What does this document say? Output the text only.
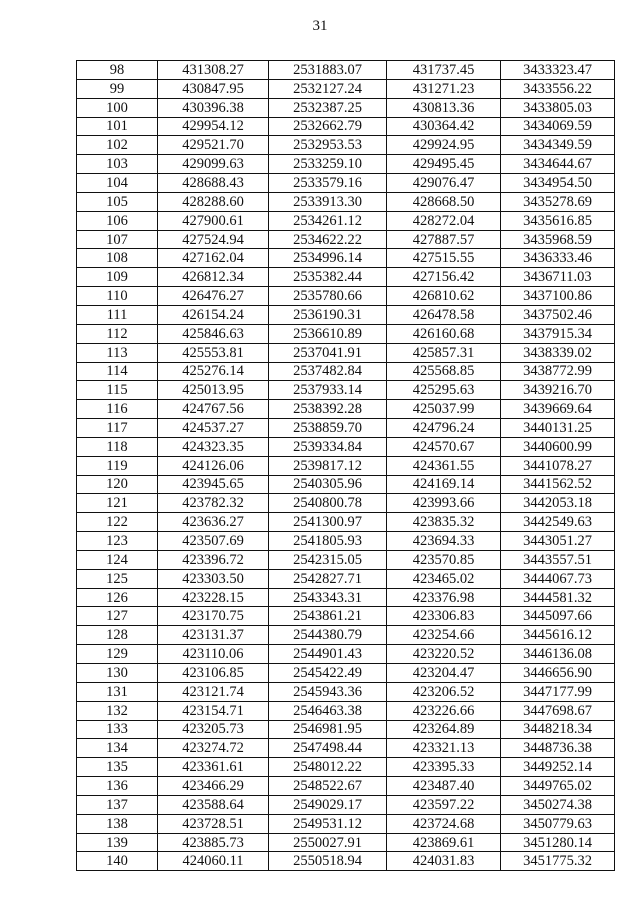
31
98	431308.27	2531883.07	431737.45	3433323.47
99	430847.95	2532127.24	431271.23	3433556.22
100	430396.38	2532387.25	430813.36	3433805.03
101	429954.12	2532662.79	430364.42	3434069.59
102	429521.70	2532953.53	429924.95	3434349.59
103	429099.63	2533259.10	429495.45	3434644.67
104	428688.43	2533579.16	429076.47	3434954.50
105	428288.60	2533913.30	428668.50	3435278.69
106	427900.61	2534261.12	428272.04	3435616.85
107	427524.94	2534622.22	427887.57	3435968.59
108	427162.04	2534996.14	427515.55	3436333.46
109	426812.34	2535382.44	427156.42	3436711.03
110	426476.27	2535780.66	426810.62	3437100.86
111	426154.24	2536190.31	426478.58	3437502.46
112	425846.63	2536610.89	426160.68	3437915.34
113	425553.81	2537041.91	425857.31	3438339.02
114	425276.14	2537482.84	425568.85	3438772.99
115	425013.95	2537933.14	425295.63	3439216.70
116	424767.56	2538392.28	425037.99	3439669.64
117	424537.27	2538859.70	424796.24	3440131.25
118	424323.35	2539334.84	424570.67	3440600.99
119	424126.06	2539817.12	424361.55	3441078.27
120	423945.65	2540305.96	424169.14	3441562.52
121	423782.32	2540800.78	423993.66	3442053.18
122	423636.27	2541300.97	423835.32	3442549.63
123	423507.69	2541805.93	423694.33	3443051.27
124	423396.72	2542315.05	423570.85	3443557.51
125	423303.50	2542827.71	423465.02	3444067.73
126	423228.15	2543343.31	423376.98	3444581.32
127	423170.75	2543861.21	423306.83	3445097.66
128	423131.37	2544380.79	423254.66	3445616.12
129	423110.06	2544901.43	423220.52	3446136.08
130	423106.85	2545422.49	423204.47	3446656.90
131	423121.74	2545943.36	423206.52	3447177.99
132	423154.71	2546463.38	423226.66	3447698.67
133	423205.73	2546981.95	423264.89	3448218.34
134	423274.72	2547498.44	423321.13	3448736.38
135	423361.61	2548012.22	423395.33	3449252.14
136	423466.29	2548522.67	423487.40	3449765.02
137	423588.64	2549029.17	423597.22	3450274.38
138	423728.51	2549531.12	423724.68	3450779.63
139	423885.73	2550027.91	423869.61	3451280.14
140	424060.11	2550518.94	424031.83	3451775.32
